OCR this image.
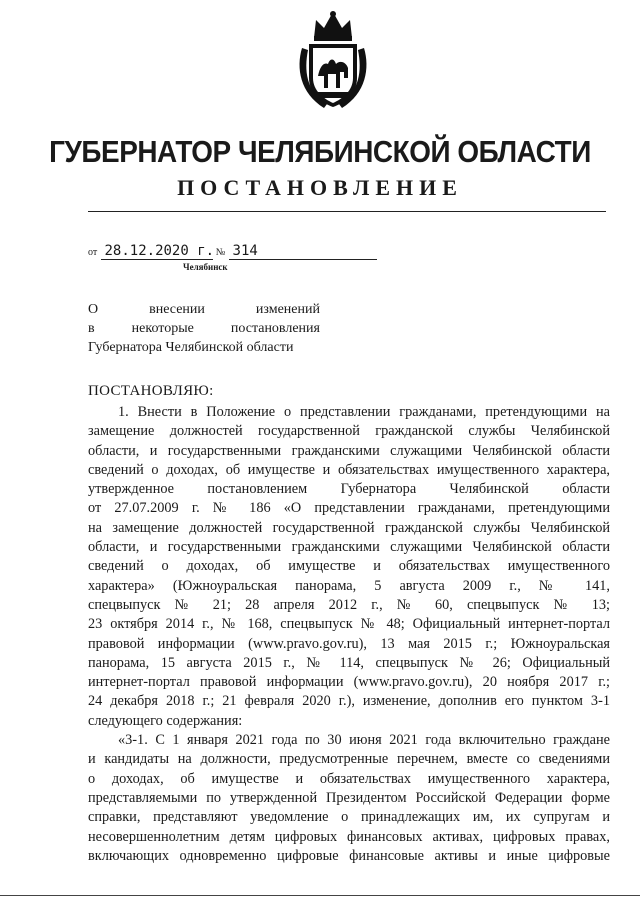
ГУБЕРНАТОР ЧЕЛЯБИНСКОЙ ОБЛАСТИ
ПОСТАНОВЛЕНИЕ
от 28.12.2020 г. № 314
Челябинск
О внесении изменений
в некоторые постановления
Губернатора Челябинской области
ПОСТАНОВЛЯЮ:
1. Внести в Положение о представлении гражданами, претендующими на
замещение должностей государственной гражданской службы Челябинской
области, и государственными гражданскими служащими Челябинской области
сведений о доходах, об имуществе и обязательствах имущественного характера,
утвержденное постановлением Губернатора Челябинской области
от 27.07.2009 г. № 186 «О представлении гражданами, претендующими
на замещение должностей государственной гражданской службы Челябинской
области, и государственными гражданскими служащими Челябинской области
сведений о доходах, об имуществе и обязательствах имущественного
характера» (Южноуральская панорама, 5 августа 2009 г., № 141,
спецвыпуск № 21; 28 апреля 2012 г., № 60, спецвыпуск № 13;
23 октября 2014 г., № 168, спецвыпуск № 48; Официальный интернет-портал
правовой информации (www.pravo.gov.ru), 13 мая 2015 г.; Южноуральская
панорама, 15 августа 2015 г., № 114, спецвыпуск № 26; Официальный
интернет-портал правовой информации (www.pravo.gov.ru), 20 ноября 2017 г.;
24 декабря 2018 г.; 21 февраля 2020 г.), изменение, дополнив его пунктом 3-1
следующего содержания:
«3-1. С 1 января 2021 года по 30 июня 2021 года включительно граждане
и кандидаты на должности, предусмотренные перечнем, вместе со сведениями
о доходах, об имуществе и обязательствах имущественного характера,
представляемыми по утвержденной Президентом Российской Федерации форме
справки, представляют уведомление о принадлежащих им, их супругам и
несовершеннолетним детям цифровых финансовых активах, цифровых правах,
включающих одновременно цифровые финансовые активы и иные цифровые
